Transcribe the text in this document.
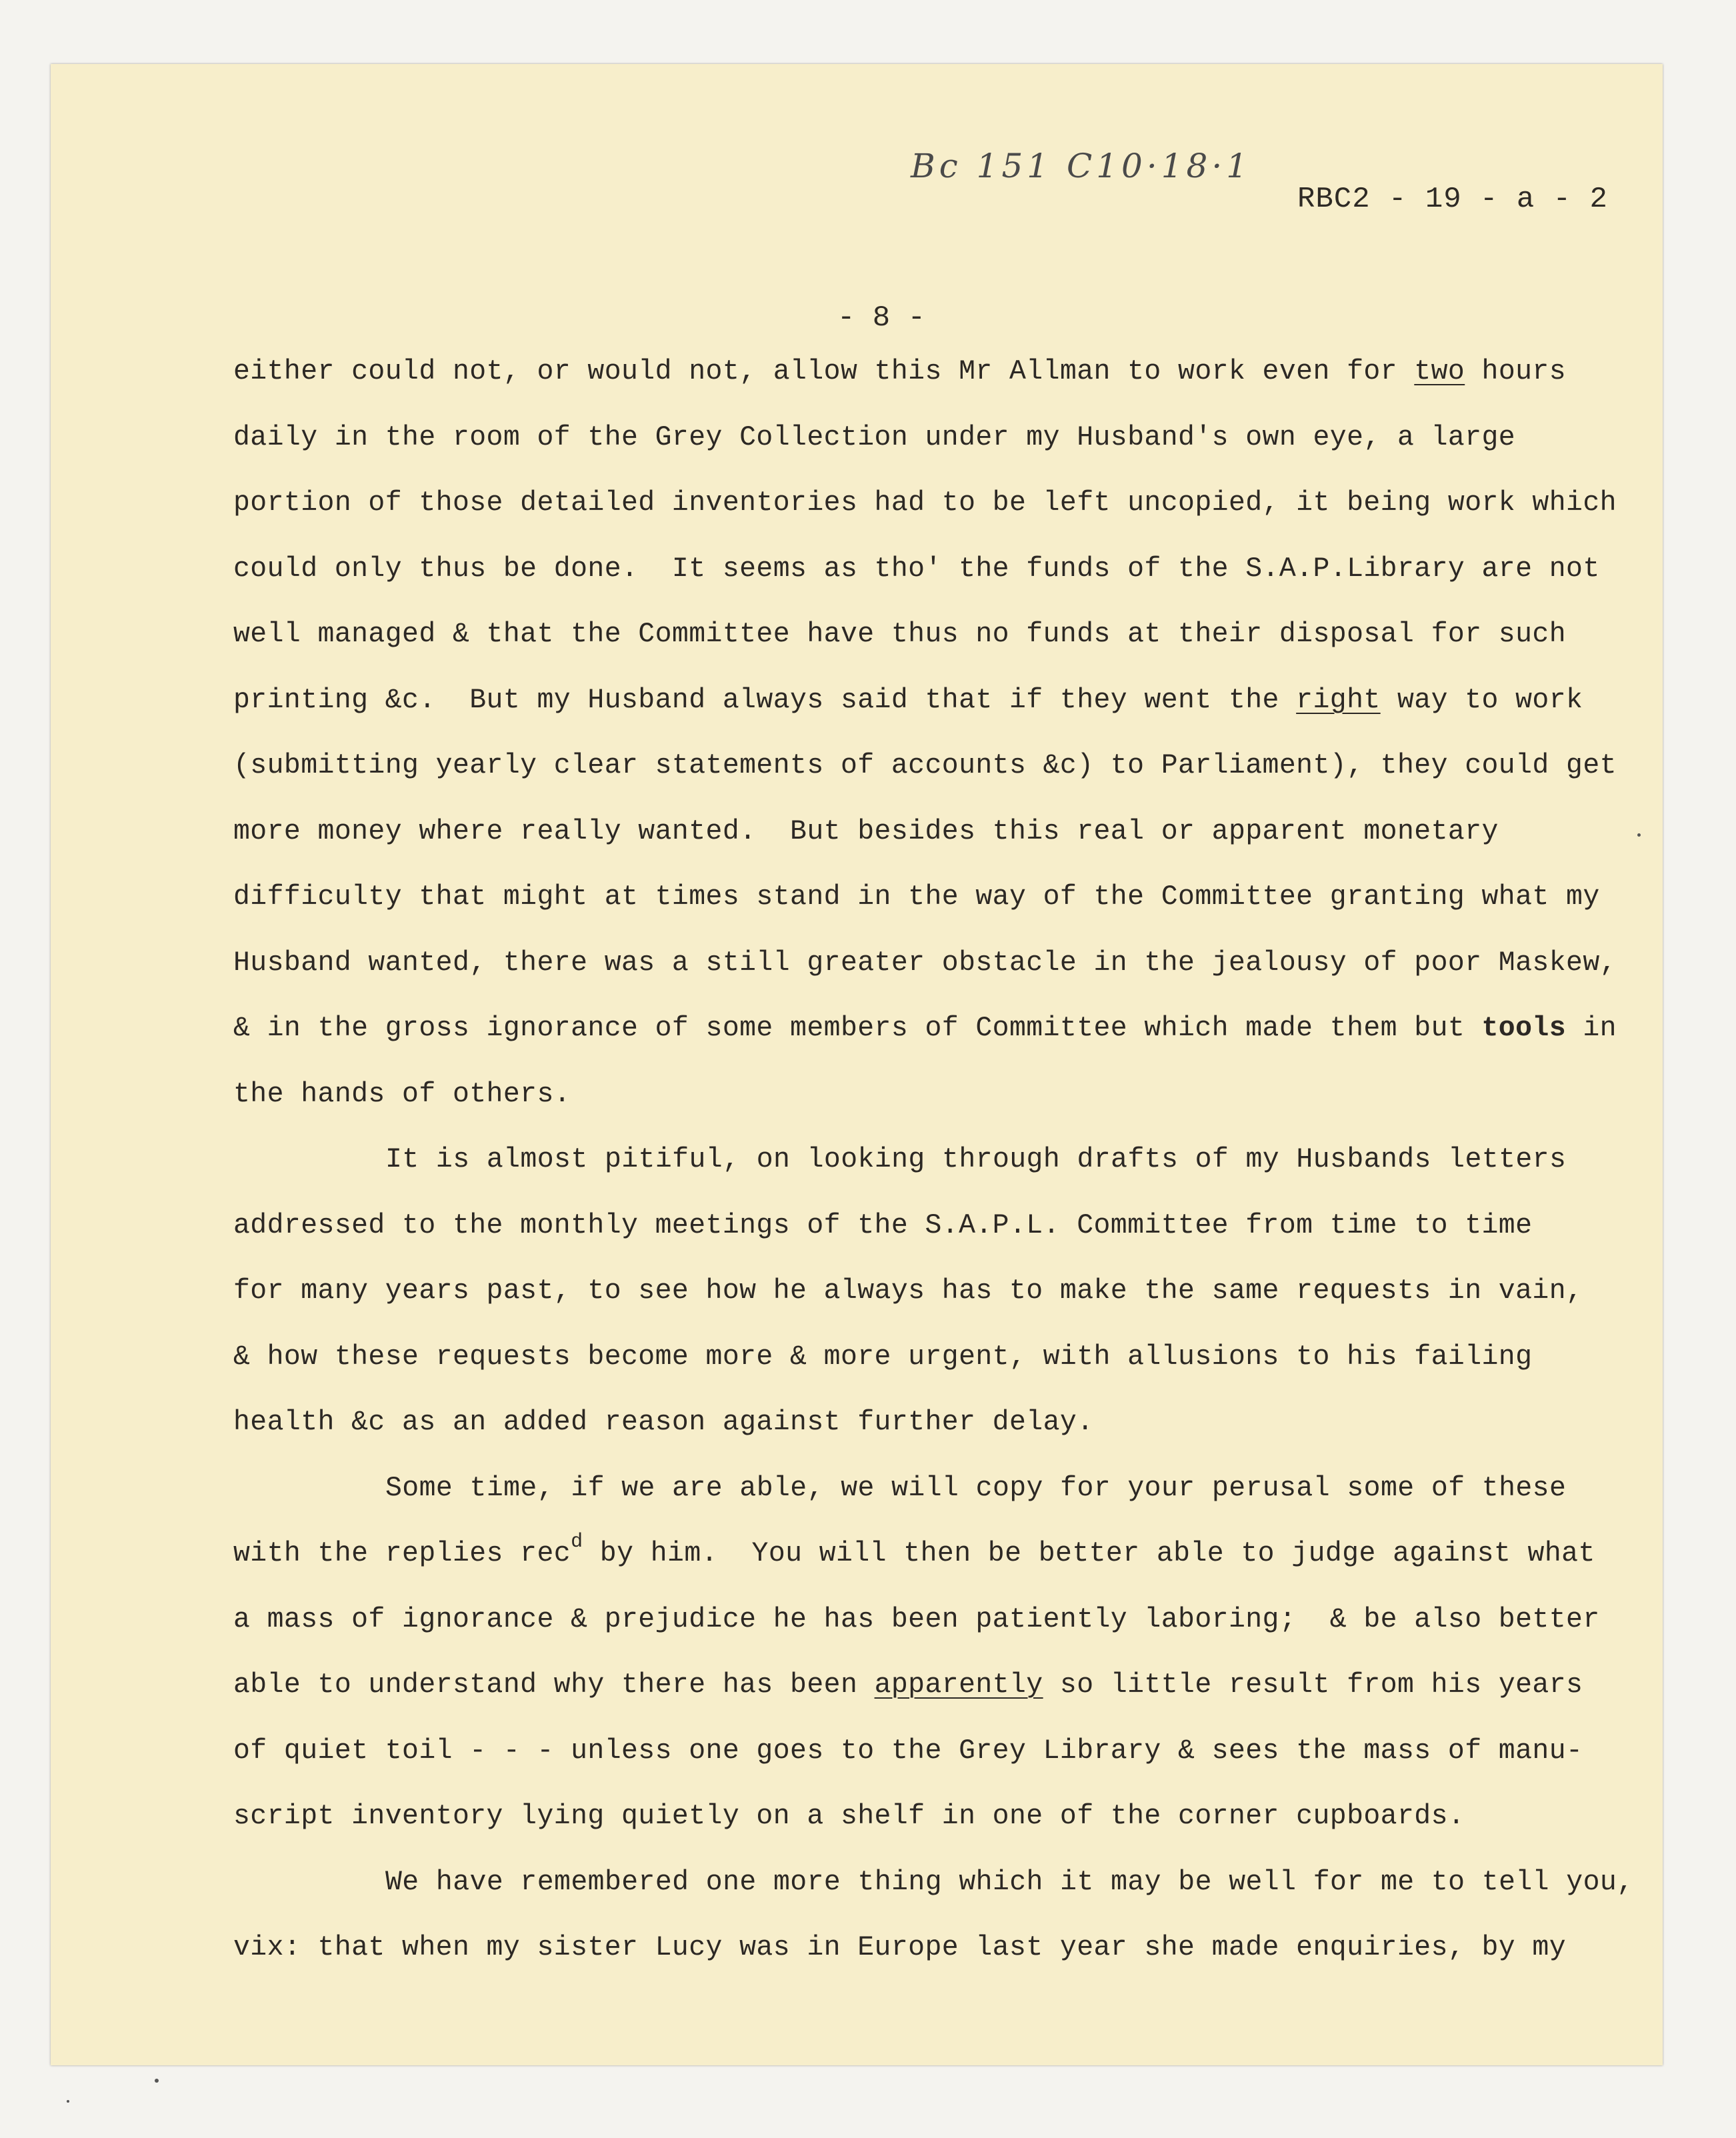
Bc 151 C10·18·1
RBC2 - 19 - a - 2
- 8 -
either could not, or would not, allow this Mr Allman to work even for two hours
daily in the room of the Grey Collection under my Husband's own eye, a large
portion of those detailed inventories had to be left uncopied, it being work which
could only thus be done.  It seems as tho' the funds of the S.A.P.Library are not
well managed & that the Committee have thus no funds at their disposal for such
printing &c.  But my Husband always said that if they went the right way to work
(submitting yearly clear statements of accounts &c) to Parliament), they could get
more money where really wanted.  But besides this real or apparent monetary
difficulty that might at times stand in the way of the Committee granting what my
Husband wanted, there was a still greater obstacle in the jealousy of poor Maskew,
& in the gross ignorance of some members of Committee which made them but tools in
the hands of others.
It is almost pitiful, on looking through drafts of my Husbands letters
addressed to the monthly meetings of the S.A.P.L. Committee from time to time
for many years past, to see how he always has to make the same requests in vain,
& how these requests become more & more urgent, with allusions to his failing
health &c as an added reason against further delay.
Some time, if we are able, we will copy for your perusal some of these
with the replies rec$^d$ by him.  You will then be better able to judge against what
a mass of ignorance & prejudice he has been patiently laboring;  & be also better
able to understand why there has been apparently so little result from his years
of quiet toil - - - unless one goes to the Grey Library & sees the mass of manu-
script inventory lying quietly on a shelf in one of the corner cupboards.
We have remembered one more thing which it may be well for me to tell you,
vix: that when my sister Lucy was in Europe last year she made enquiries, by my
